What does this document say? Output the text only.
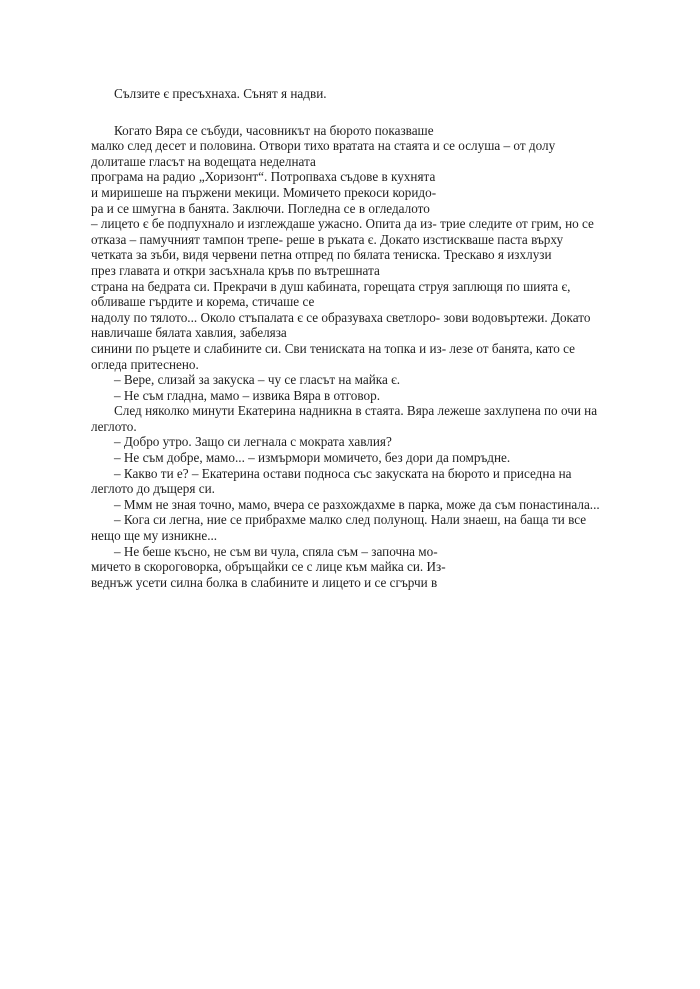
Сълзите є пресъхнаха. Сънят я надви.

Когато Вяра се събуди, часовникът на бюрото показваше

малко след десет и половина. Отвори тихо вратата на стаята и се ослуша – от долу

долиташе гласът на водещата неделната

програма на радио „Хоризонт“. Потропваха съдове в кухнята

и миришеше на пържени мекици. Момичето прекоси коридо-

ра и се шмугна в банята. Заключи. Погледна се в огледалото

– лицето є бе подпухнало и изглеждаше ужасно. Опита да из- трие следите от грим, но се

отказа – памучният тампон трепе- реше в ръката є. Докато изстискваше паста върху

четката за зъби, видя червени петна отпред по бялата тениска. Трескаво я изхлузи

през главата и откри засъхнала кръв по вътрешната

страна на бедрата си. Прекрачи в душ кабината, горещата струя заплющя по шията є,

обливаше гърдите и корема, стичаше се

надолу по тялото... Около стъпалата є се образуваха светлоро- зови водовъртежи. Докато

навличаше бялата хавлия, забеляза

синини по ръцете и слабините си. Сви тениската на топка и из- лезе от банята, като се

огледа притеснено.

– Вере, слизай за закуска – чу се гласът на майка є.

– Не съм гладна, мамо – извика Вяра в отговор.

След няколко минути Екатерина надникна в стаята. Вяра лежеше захлупена по очи на

леглото.

– Добро утро. Защо си легнала с мократа хавлия?

– Не съм добре, мамо... – измърмори момичето, без дори да помръдне.

– Какво ти е? – Екатерина остави подноса със закуската на бюрото и приседна на

леглото до дъщеря си.

– Ммм не зная точно, мамо, вчера се разхождахме в парка, може да съм понастинала...

– Кога си легна, ние се прибрахме малко след полунощ. Нали знаеш, на баща ти все

нещо ще му изникне...

– Не беше късно, не съм ви чула, спяла съм – започна мо-

мичето в скороговорка, обръщайки се с лице към майка си. Из-

веднъж усети силна болка в слабините и лицето и се сгърчи в
